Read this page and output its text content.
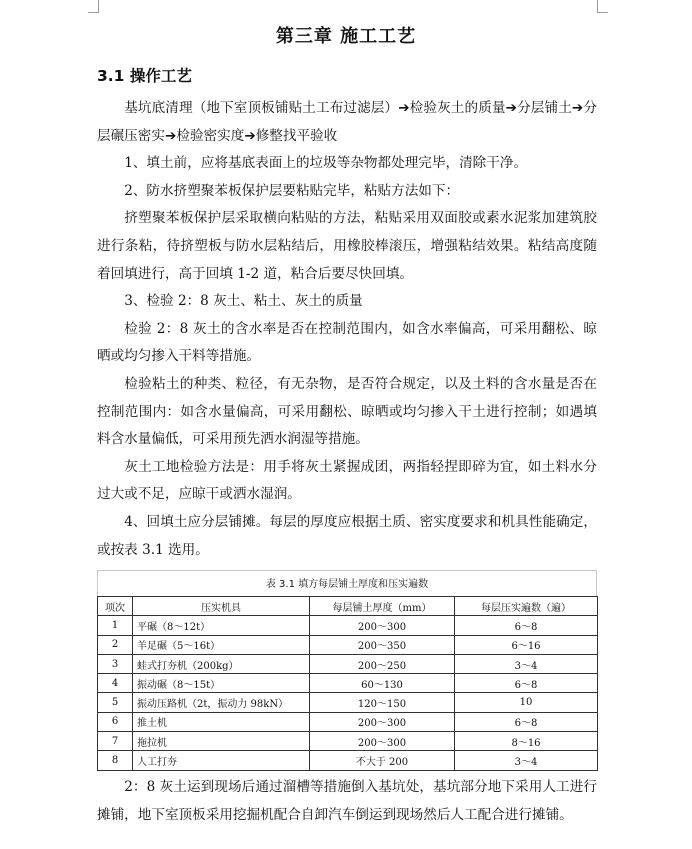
第三章 施工工艺
3.1 操作工艺

基坑底清理（地下室顶板铺贴土工布过滤层）➔检验灰土的质量➔分层铺土➔分层碾压密实➔检验密实度➔修整找平验收

1、填土前，应将基底表面上的垃圾等杂物都处理完毕，清除干净。

2、防水挤塑聚苯板保护层要粘贴完毕，粘贴方法如下：

挤塑聚苯板保护层采取横向粘贴的方法，粘贴采用双面胶或素水泥浆加建筑胶进行条粘，待挤塑板与防水层粘结后，用橡胶棒滚压，增强粘结效果。粘结高度随着回填进行，高于回填 1-2 道，粘合后要尽快回填。

3、检验 2：8 灰土、粘土、灰土的质量

检验 2：8 灰土的含水率是否在控制范围内，如含水率偏高，可采用翻松、晾晒或均匀掺入干料等措施。

检验粘土的种类、粒径，有无杂物，是否符合规定，以及土料的含水量是否在控制范围内：如含水量偏高，可采用翻松、晾晒或均匀掺入干土进行控制；如遇填料含水量偏低，可采用预先洒水润湿等措施。

灰土工地检验方法是：用手将灰土紧握成团，两指轻捏即碎为宜，如土料水分过大或不足，应晾干或洒水湿润。

4、回填土应分层铺摊。每层的厚度应根据土质、密实度要求和机具性能确定，或按表 3.1 选用。

表 3.1 填方每层铺土厚度和压实遍数
项次	压实机具	每层铺土厚度（mm）	每层压实遍数（遍）
1	平碾（8～12t）	200～300	6～8
2	羊足碾（5～16t）	200～350	6～16
3	蛙式打夯机（200kg）	200～250	3～4
4	振动碾（8～15t）	60～130	6～8
5	振动压路机（2t，振动力 98kN）	120～150	10
6	推土机	200～300	6～8
7	拖拉机	200～300	8～16
8	人工打夯	不大于 200	3～4

2：8 灰土运到现场后通过溜槽等措施倒入基坑处，基坑部分地下采用人工进行摊铺，地下室顶板采用挖掘机配合自卸汽车倒运到现场然后人工配合进行摊铺。
